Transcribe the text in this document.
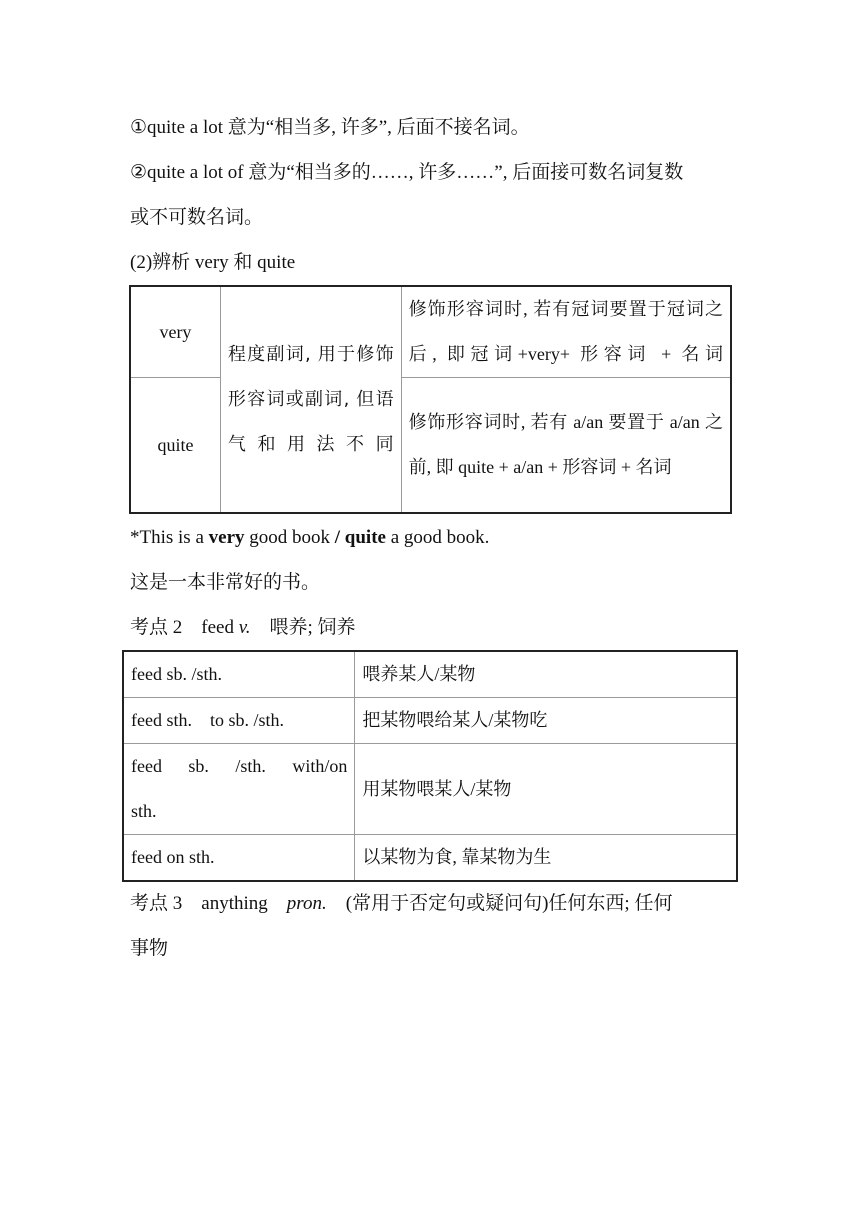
①quite a lot 意为“相当多, 许多”, 后面不接名词。
②quite a lot of 意为“相当多的……, 许多……”, 后面接可数名词复数
或不可数名词。
(2)辨析 very 和 quite
very	程度副词, 用于修饰形容词或副词, 但语气和用法不同	修饰形容词时, 若有冠词要置于冠词之后, 即冠词+very+ 形容词 + 名词
quite		修饰形容词时, 若有 a/an 要置于 a/an 之前, 即 quite + a/an + 形容词 + 名词
*This is a very good book / quite a good book.
这是一本非常好的书。
考点 2　 feed v.　 喂养; 饲养
feed sb. /sth.	喂养某人/某物
feed sth.　to sb. /sth.	把某物喂给某人/某物吃
feed sb. /sth. with/on sth.	用某物喂某人/某物
feed on sth.	以某物为食, 靠某物为生
考点 3　 anything　 pron.　 (常用于否定句或疑问句)任何东西; 任何
事物
